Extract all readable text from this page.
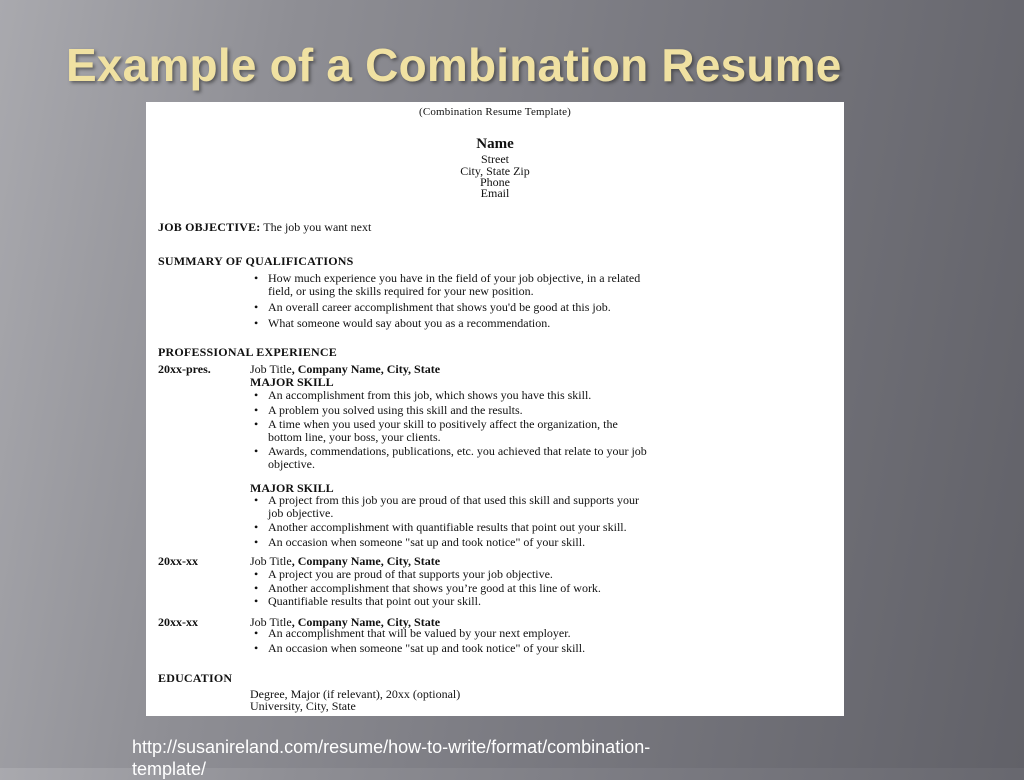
Example of a Combination Resume
(Combination Resume Template)
Name
Street
City, State Zip
Phone
Email
JOB OBJECTIVE: The job you want next
SUMMARY OF QUALIFICATIONS
• How much experience you have in the field of your job objective, in a related
field, or using the skills required for your new position.
• An overall career accomplishment that shows you'd be good at this job.
• What someone would say about you as a recommendation.
PROFESSIONAL EXPERIENCE
20xx-pres.	Job Title, Company Name, City, State
MAJOR SKILL
• An accomplishment from this job, which shows you have this skill.
• A problem you solved using this skill and the results.
• A time when you used your skill to positively affect the organization, the
bottom line, your boss, your clients.
• Awards, commendations, publications, etc. you achieved that relate to your job
objective.
MAJOR SKILL
• A project from this job you are proud of that used this skill and supports your
job objective.
• Another accomplishment with quantifiable results that point out your skill.
• An occasion when someone "sat up and took notice" of your skill.
20xx-xx	Job Title, Company Name, City, State
• A project you are proud of that supports your job objective.
• Another accomplishment that shows you’re good at this line of work.
• Quantifiable results that point out your skill.
20xx-xx	Job Title, Company Name, City, State
• An accomplishment that will be valued by your next employer.
• An occasion when someone "sat up and took notice" of your skill.
EDUCATION
Degree, Major (if relevant), 20xx (optional)
University, City, State

http://susanireland.com/resume/how-to-write/format/combination-
template/
